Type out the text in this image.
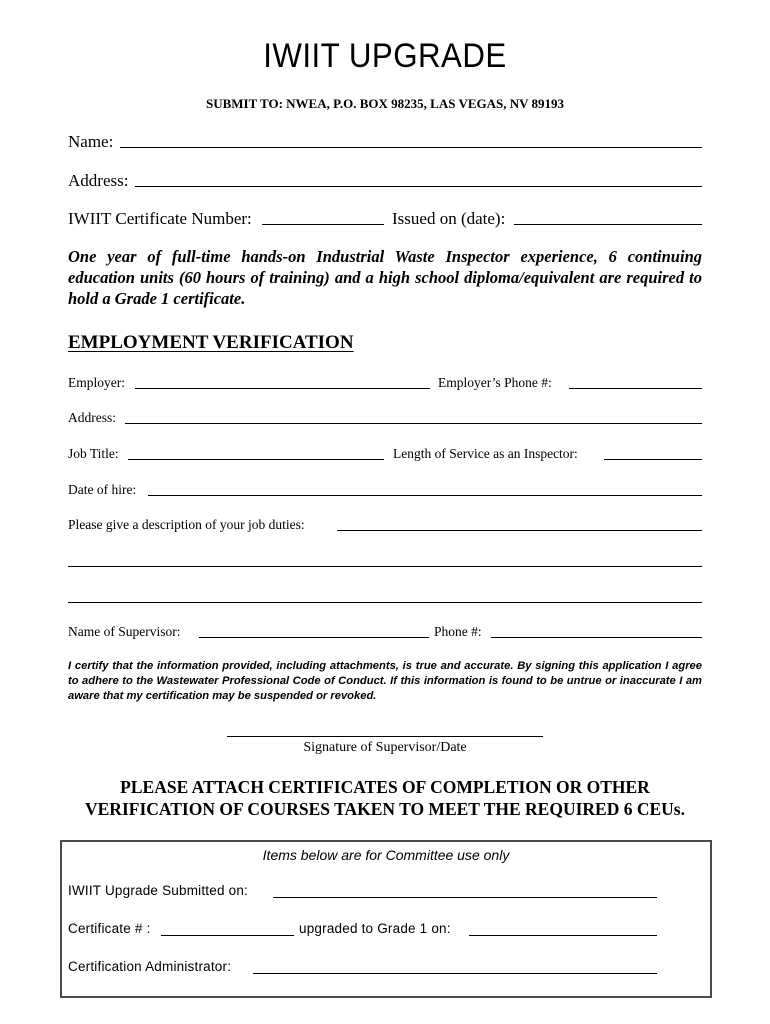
IWIIT UPGRADE
SUBMIT TO: NWEA, P.O. BOX 98235, LAS VEGAS, NV 89193
Name:
Address:
IWIIT Certificate Number:	Issued on (date):
One year of full-time hands-on Industrial Waste Inspector experience, 6 continuing education units (60 hours of training) and a high school diploma/equivalent are required to hold a Grade 1 certificate.
EMPLOYMENT VERIFICATION
Employer:	Employer’s Phone #:
Address:
Job Title:	Length of Service as an Inspector:
Date of hire:
Please give a description of your job duties:
Name of Supervisor:	Phone #:
I certify that the information provided, including attachments, is true and accurate. By signing this application I agree to adhere to the Wastewater Professional Code of Conduct. If this information is found to be untrue or inaccurate I am aware that my certification may be suspended or revoked.
Signature of Supervisor/Date
PLEASE ATTACH CERTIFICATES OF COMPLETION OR OTHER
VERIFICATION OF COURSES TAKEN TO MEET THE REQUIRED 6 CEUs.
Items below are for Committee use only
IWIIT Upgrade Submitted on:
Certificate # :	upgraded to Grade 1 on:
Certification Administrator:
